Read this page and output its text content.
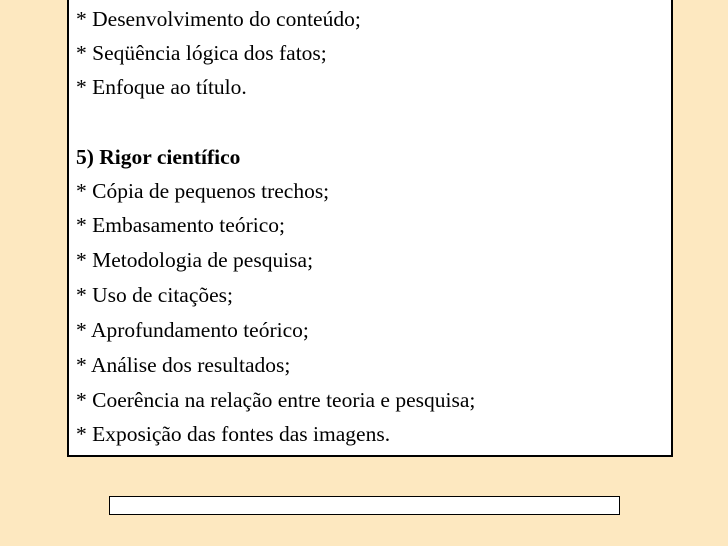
* Desenvolvimento do conteúdo;
* Seqüência lógica dos fatos;
* Enfoque ao título.
5) Rigor científico
* Cópia de pequenos trechos;
* Embasamento teórico;
* Metodologia de pesquisa;
* Uso de citações;
* Aprofundamento teórico;
* Análise dos resultados;
* Coerência na relação entre teoria e pesquisa;
* Exposição das fontes das imagens.
